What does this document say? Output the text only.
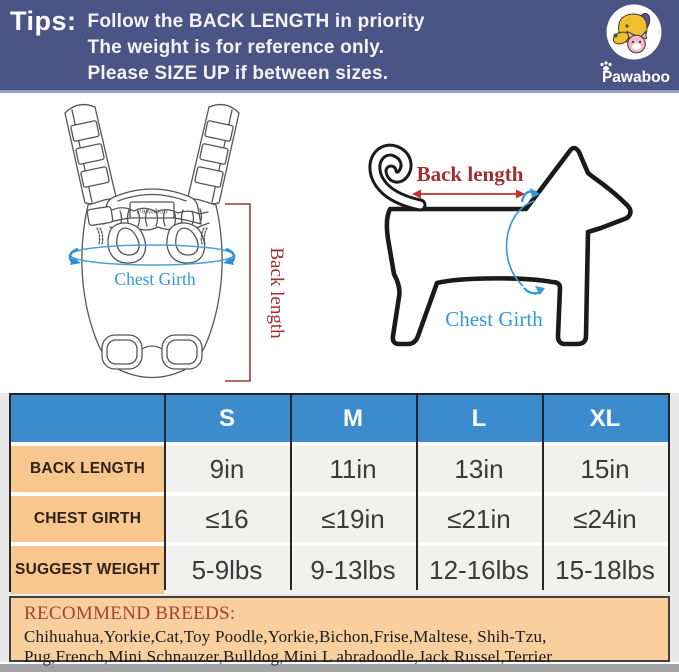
Tips: Follow the BACK LENGTH in priority
The weight is for reference only.
Please SIZE UP if between sizes.	Pawaboo
Pawaboo
Chest Girth	Back length
Back length
Chest Girth
S	M	L	XL
BACK LENGTH	9in	11in	13in	15in
CHEST GIRTH	≤16	≤19in	≤21in	≤24in
SUGGEST WEIGHT	5-9lbs	9-13lbs	12-16lbs	15-18lbs
RECOMMEND BREEDS:
Chihuahua,Yorkie,Cat,Toy Poodle,Yorkie,Bichon,Frise,Maltese, Shih-Tzu,
Pug,French,Mini Schnauzer,Bulldog,Mini L abradoodle,Jack Russel,Terrier
